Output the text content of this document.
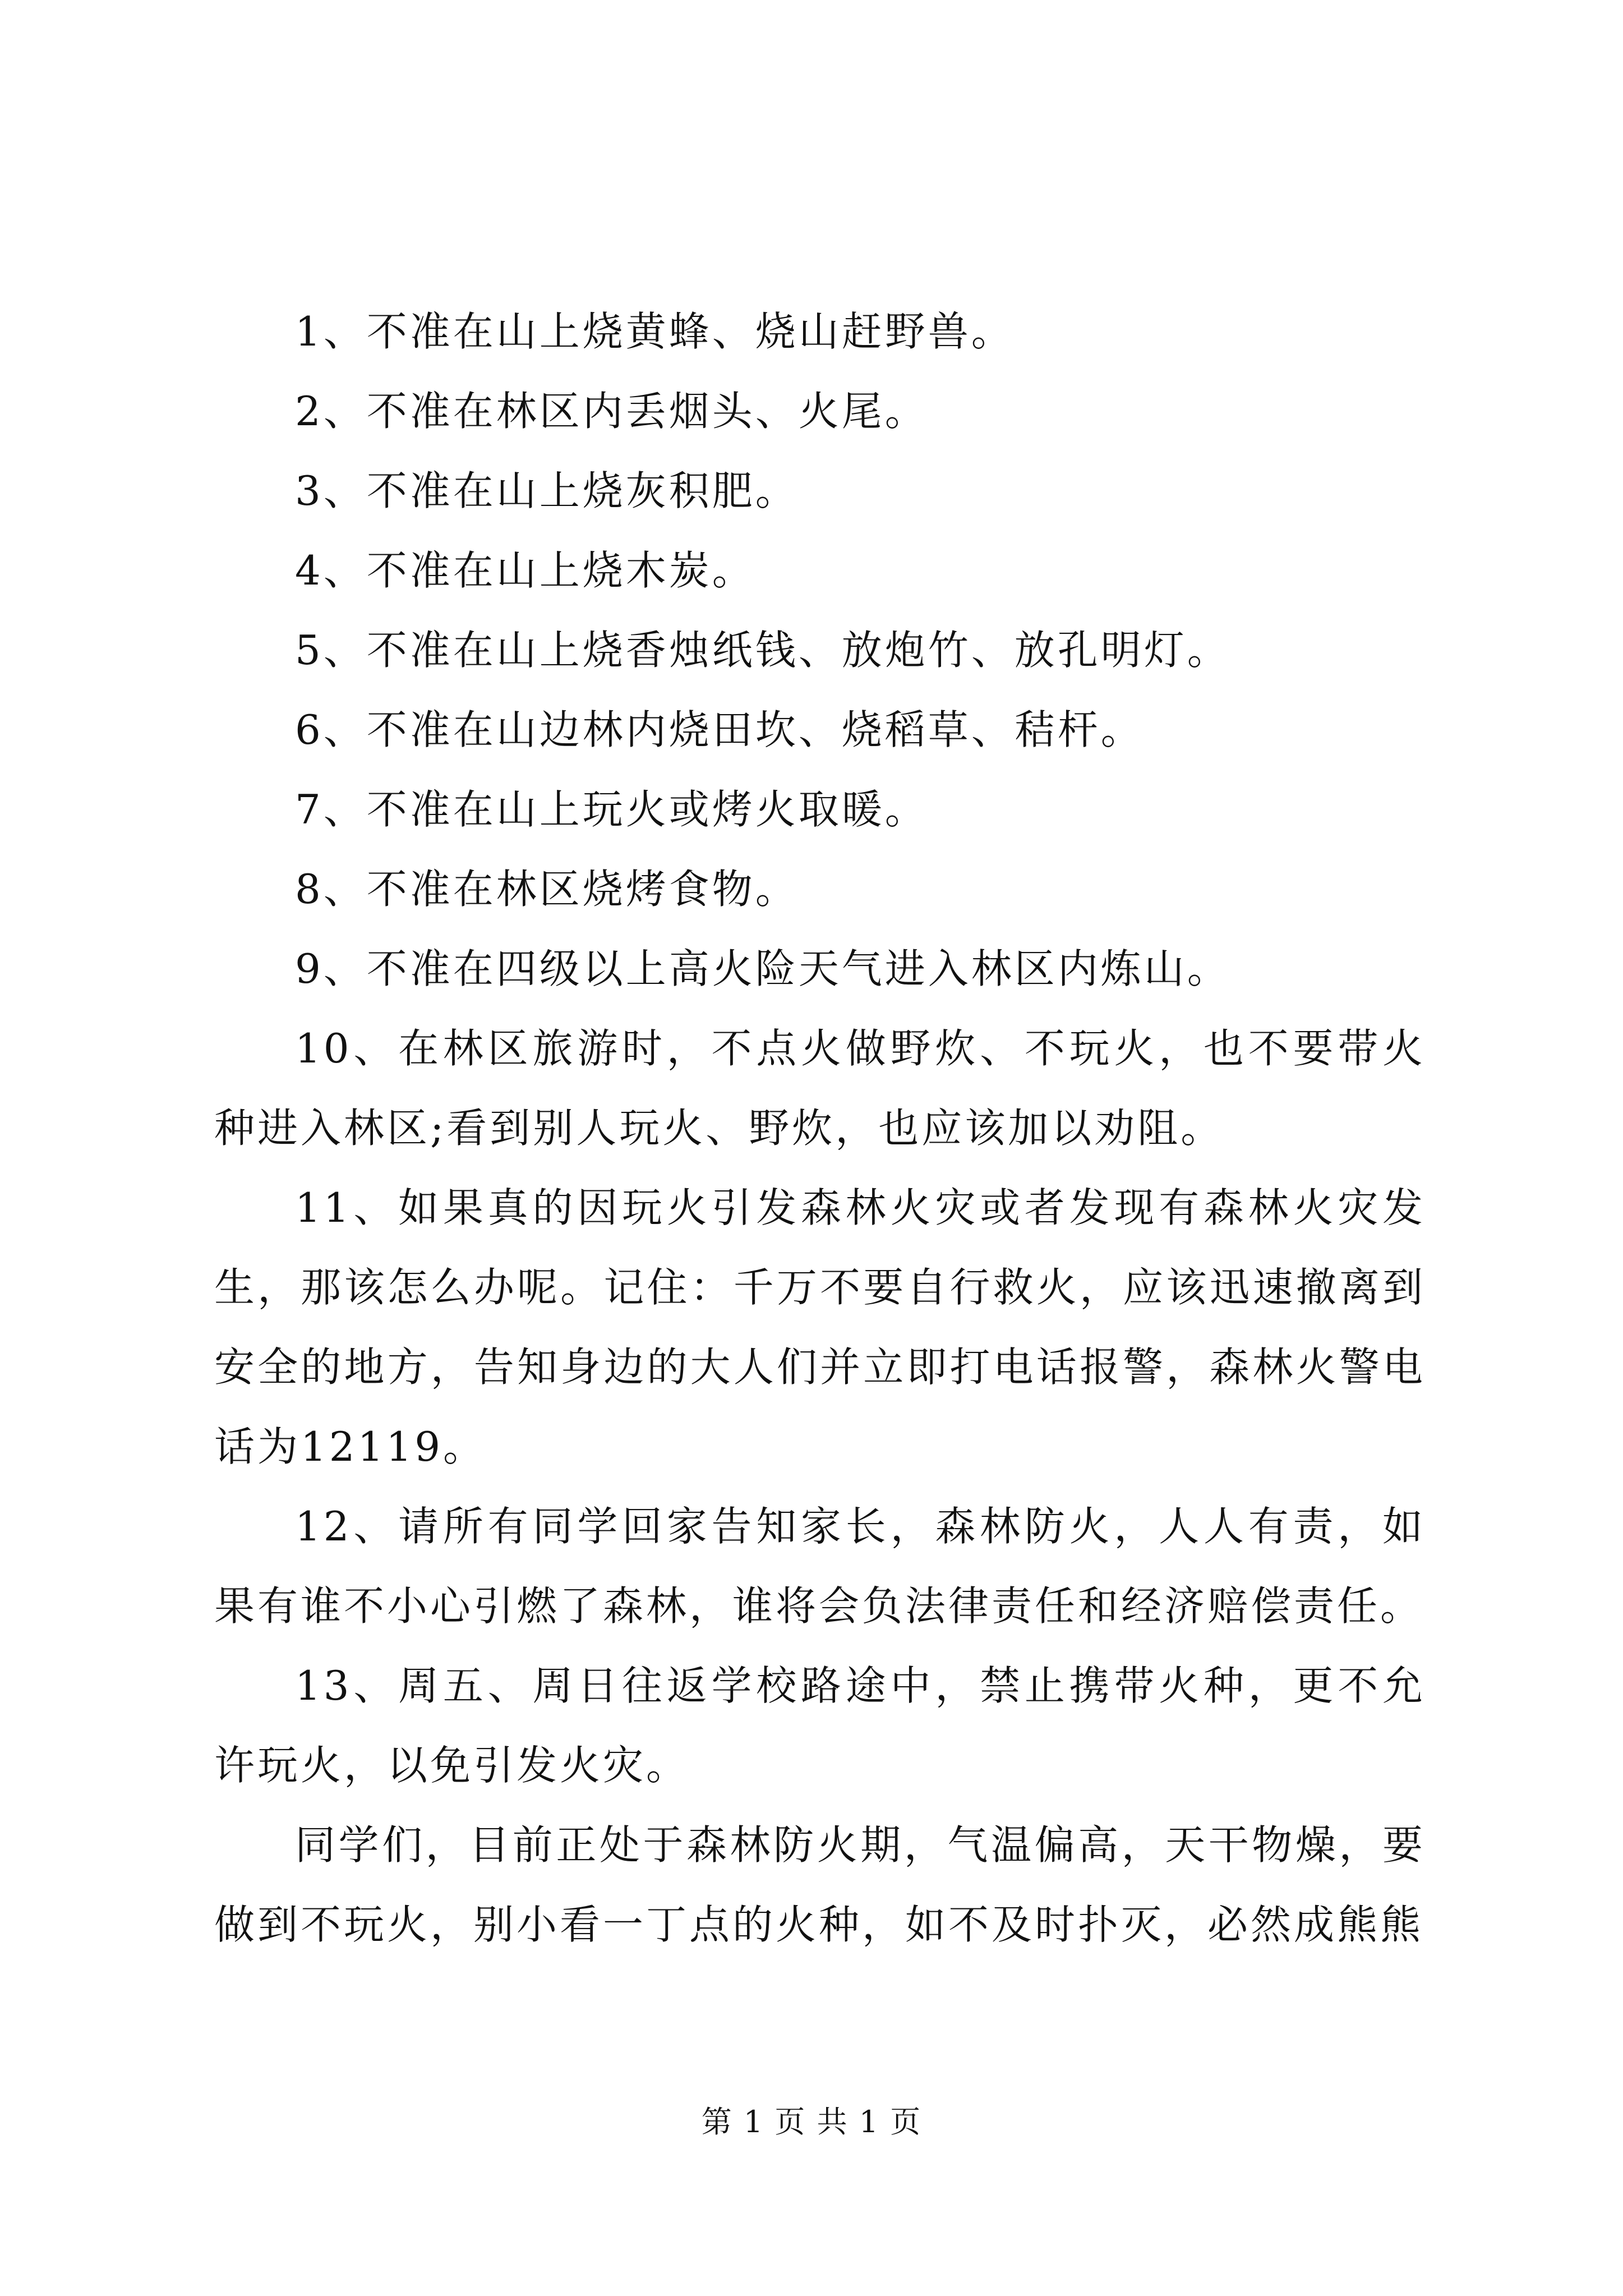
1、不准在山上烧黄蜂、烧山赶野兽。

2、不准在林区内丢烟头、火尾。

3、不准在山上烧灰积肥。

4、不准在山上烧木炭。

5、不准在山上烧香烛纸钱、放炮竹、放孔明灯。

6、不准在山边林内烧田坎、烧稻草、秸杆。

7、不准在山上玩火或烤火取暖。

8、不准在林区烧烤食物。

9、不准在四级以上高火险天气进入林区内炼山。

10、在林区旅游时，不点火做野炊、不玩火，也不要带火种进入林区;看到别人玩火、野炊，也应该加以劝阻。

11、如果真的因玩火引发森林火灾或者发现有森林火灾发生，那该怎么办呢。记住：千万不要自行救火，应该迅速撤离到安全的地方，告知身边的大人们并立即打电话报警，森林火警电话为12119。

12、请所有同学回家告知家长，森林防火，人人有责，如果有谁不小心引燃了森林，谁将会负法律责任和经济赔偿责任。

13、周五、周日往返学校路途中，禁止携带火种，更不允许玩火，以免引发火灾。

同学们，目前正处于森林防火期，气温偏高，天干物燥，要做到不玩火，别小看一丁点的火种，如不及时扑灭，必然成熊熊

第 1 页 共 1 页
